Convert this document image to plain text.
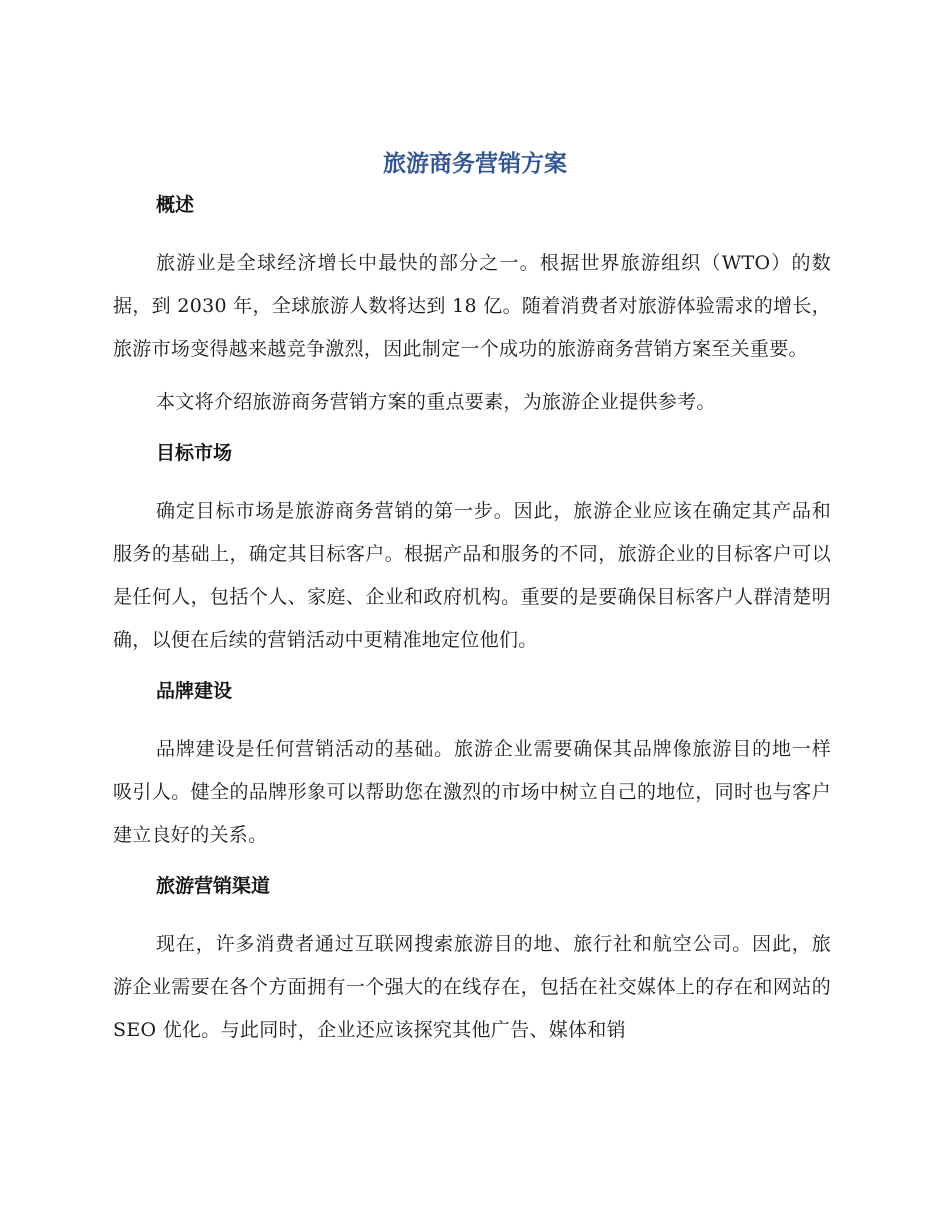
旅游商务营销方案
概述

旅游业是全球经济增长中最快的部分之一。根据世界旅游组织（WTO）的数据，到 2030 年，全球旅游人数将达到 18 亿。随着消费者对旅游体验需求的增长，旅游市场变得越来越竞争激烈，因此制定一个成功的旅游商务营销方案至关重要。

本文将介绍旅游商务营销方案的重点要素，为旅游企业提供参考。

目标市场

确定目标市场是旅游商务营销的第一步。因此，旅游企业应该在确定其产品和服务的基础上，确定其目标客户。根据产品和服务的不同，旅游企业的目标客户可以是任何人，包括个人、家庭、企业和政府机构。重要的是要确保目标客户人群清楚明确，以便在后续的营销活动中更精准地定位他们。

品牌建设

品牌建设是任何营销活动的基础。旅游企业需要确保其品牌像旅游目的地一样吸引人。健全的品牌形象可以帮助您在激烈的市场中树立自己的地位，同时也与客户建立良好的关系。

旅游营销渠道

现在，许多消费者通过互联网搜索旅游目的地、旅行社和航空公司。因此，旅游企业需要在各个方面拥有一个强大的在线存在，包括在社交媒体上的存在和网站的 SEO 优化。与此同时，企业还应该探究其他广告、媒体和销
